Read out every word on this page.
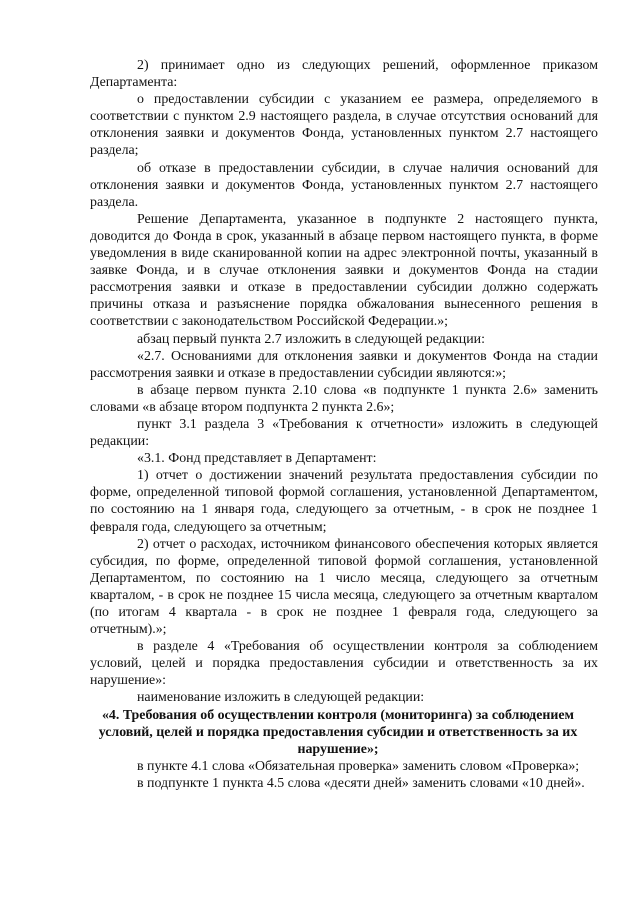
2) принимает одно из следующих решений, оформленное приказом Департамента:

о предоставлении субсидии с указанием ее размера, определяемого в соответствии с пунктом 2.9 настоящего раздела, в случае отсутствия оснований для отклонения заявки и документов Фонда, установленных пунктом 2.7 настоящего раздела;

об отказе в предоставлении субсидии, в случае наличия оснований для отклонения заявки и документов Фонда, установленных пунктом 2.7 настоящего раздела.

Решение Департамента, указанное в подпункте 2 настоящего пункта, доводится до Фонда в срок, указанный в абзаце первом настоящего пункта, в форме уведомления в виде сканированной копии на адрес электронной почты, указанный в заявке Фонда, и в случае отклонения заявки и документов Фонда на стадии рассмотрения заявки и отказе в предоставлении субсидии должно содержать причины отказа и разъяснение порядка обжалования вынесенного решения в соответствии с законодательством Российской Федерации.»;

абзац первый пункта 2.7 изложить в следующей редакции:

«2.7. Основаниями для отклонения заявки и документов Фонда на стадии рассмотрения заявки и отказе в предоставлении субсидии являются:»;

в абзаце первом пункта 2.10 слова «в подпункте 1 пункта 2.6» заменить словами «в абзаце втором подпункта 2 пункта 2.6»;

пункт 3.1 раздела 3 «Требования к отчетности» изложить в следующей редакции:

«3.1. Фонд представляет в Департамент:

1) отчет о достижении значений результата предоставления субсидии по форме, определенной типовой формой соглашения, установленной Департаментом, по состоянию на 1 января года, следующего за отчетным, - в срок не позднее 1 февраля года, следующего за отчетным;

2) отчет о расходах, источником финансового обеспечения которых является субсидия, по форме, определенной типовой формой соглашения, установленной Департаментом, по состоянию на 1 число месяца, следующего за отчетным кварталом, - в срок не позднее 15 числа месяца, следующего за отчетным кварталом (по итогам 4 квартала - в срок не позднее 1 февраля года, следующего за отчетным).»;

в разделе 4 «Требования об осуществлении контроля за соблюдением условий, целей и порядка предоставления субсидии и ответственность за их нарушение»:

наименование изложить в следующей редакции:

«4. Требования об осуществлении контроля (мониторинга) за соблюдением условий, целей и порядка предоставления субсидии и ответственность за их нарушение»;

в пункте 4.1 слова «Обязательная проверка» заменить словом «Проверка»;

в подпункте 1 пункта 4.5 слова «десяти дней» заменить словами «10 дней».
